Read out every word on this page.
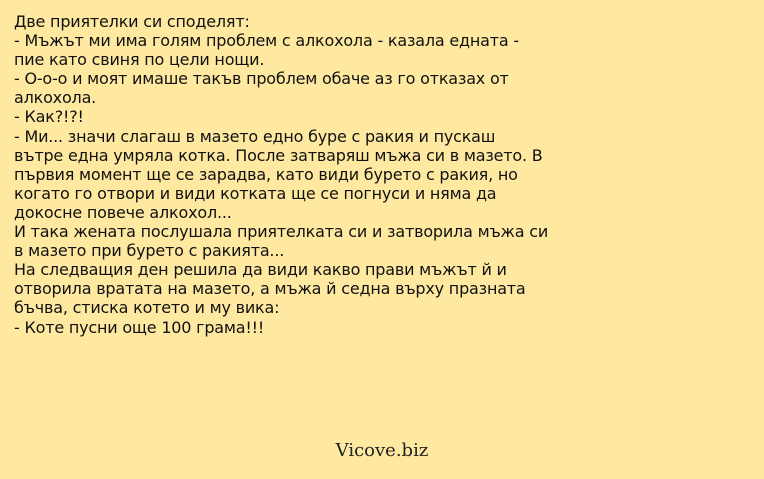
Две приятелки си споделят:
- Мъжът ми има голям проблем с алкохола - казала едната -
пие като свиня по цели нощи.
- О-о-о и моят имаше такъв проблем обаче аз го отказах от
алкохола.
- Как?!?!
- Ми... значи слагаш в мазето едно буре с ракия и пускаш
вътре една умряла котка. После затваряш мъжа си в мазето. В
първия момент ще се зарадва, като види бурето с ракия, но
когато го отвори и види котката ще се погнуси и няма да
докосне повече алкохол...
И така жената послушала приятелката си и затворила мъжа си
в мазето при бурето с ракията...
На следващия ден решила да види какво прави мъжът й и
отворила вратата на мазето, а мъжа й седна върху празната
бъчва, стиска котето и му вика:
- Коте пусни още 100 грама!!!
Vicove.biz
